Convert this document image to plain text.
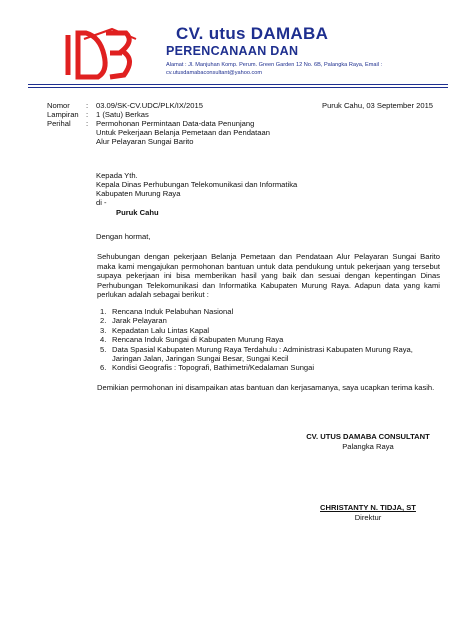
CV. utus DAMABA
PERENCANAAN DAN
Alamat : Jl. Manjuhan Komp. Perum. Green Garden 12 No. 6B, Palangka Raya, Email :
cv.utusdamabaconsultant@yahoo.com
Nomor : 03.09/SK-CV.UDC/PLK/IX/2015	Puruk Cahu, 03 September 2015
Lampiran : 1 (Satu) Berkas
Perihal : Permohonan Permintaan Data-data Penunjang
Untuk Pekerjaan Belanja Pemetaan dan Pendataan
Alur Pelayaran Sungai Barito
Kepada Yth.
Kepala Dinas Perhubungan Telekomunikasi dan Informatika
Kabupaten Murung Raya
di -
Puruk Cahu
Dengan hormat,
Sehubungan dengan pekerjaan Belanja Pemetaan dan Pendataan Alur Pelayaran Sungai Barito maka kami mengajukan permohonan bantuan untuk data pendukung untuk pekerjaan yang tersebut supaya pekerjaan ini bisa memberikan hasil yang baik dan sesuai dengan kepentingan Dinas Perhubungan Telekomunikasi dan Informatika Kabupaten Murung Raya. Adapun data yang kami perlukan adalah sebagai berikut :
1. Rencana Induk Pelabuhan Nasional
2. Jarak Pelayaran
3. Kepadatan Lalu Lintas Kapal
4. Rencana Induk Sungai di Kabupaten Murung Raya
5. Data Spasial Kabupaten Murung Raya Terdahulu : Administrasi Kabupaten Murung Raya,
Jaringan Jalan, Jaringan Sungai Besar, Sungai Kecil
6. Kondisi Geografis : Topografi, Bathimetri/Kedalaman Sungai
Demikian permohonan ini disampaikan atas bantuan dan kerjasamanya, saya ucapkan terima kasih.
CV. UTUS DAMABA CONSULTANT
Palangka Raya
CHRISTANTY N. TIDJA, ST
Direktur
